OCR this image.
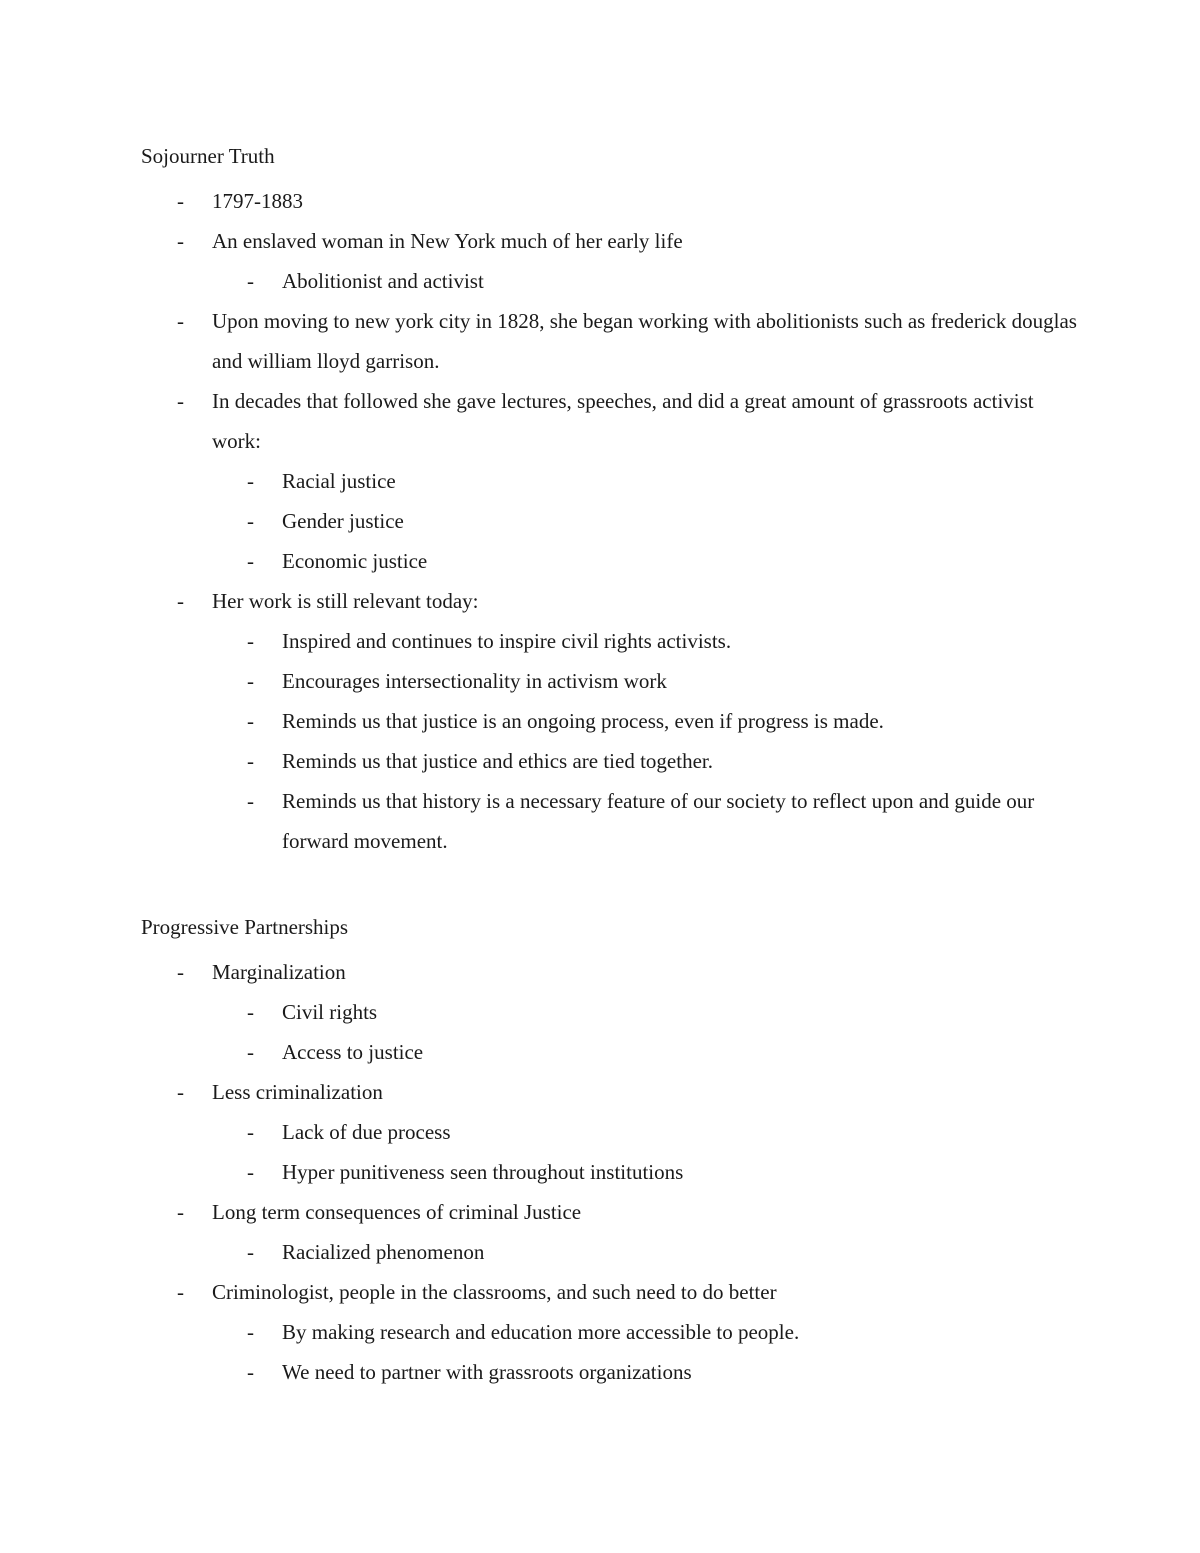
Sojourner Truth
- 1797-1883
- An enslaved woman in New York much of her early life
- Abolitionist and activist
- Upon moving to new york city in 1828, she began working with abolitionists such as frederick douglas and william lloyd garrison.
- In decades that followed she gave lectures, speeches, and did a great amount of grassroots activist work:
- Racial justice
- Gender justice
- Economic justice
- Her work is still relevant today:
- Inspired and continues to inspire civil rights activists.
- Encourages intersectionality in activism work
- Reminds us that justice is an ongoing process, even if progress is made.
- Reminds us that justice and ethics are tied together.
- Reminds us that history is a necessary feature of our society to reflect upon and guide our forward movement.
Progressive Partnerships
- Marginalization
- Civil rights
- Access to justice
- Less criminalization
- Lack of due process
- Hyper punitiveness seen throughout institutions
- Long term consequences of criminal Justice
- Racialized phenomenon
- Criminologist, people in the classrooms, and such need to do better
- By making research and education more accessible to people.
- We need to partner with grassroots organizations
